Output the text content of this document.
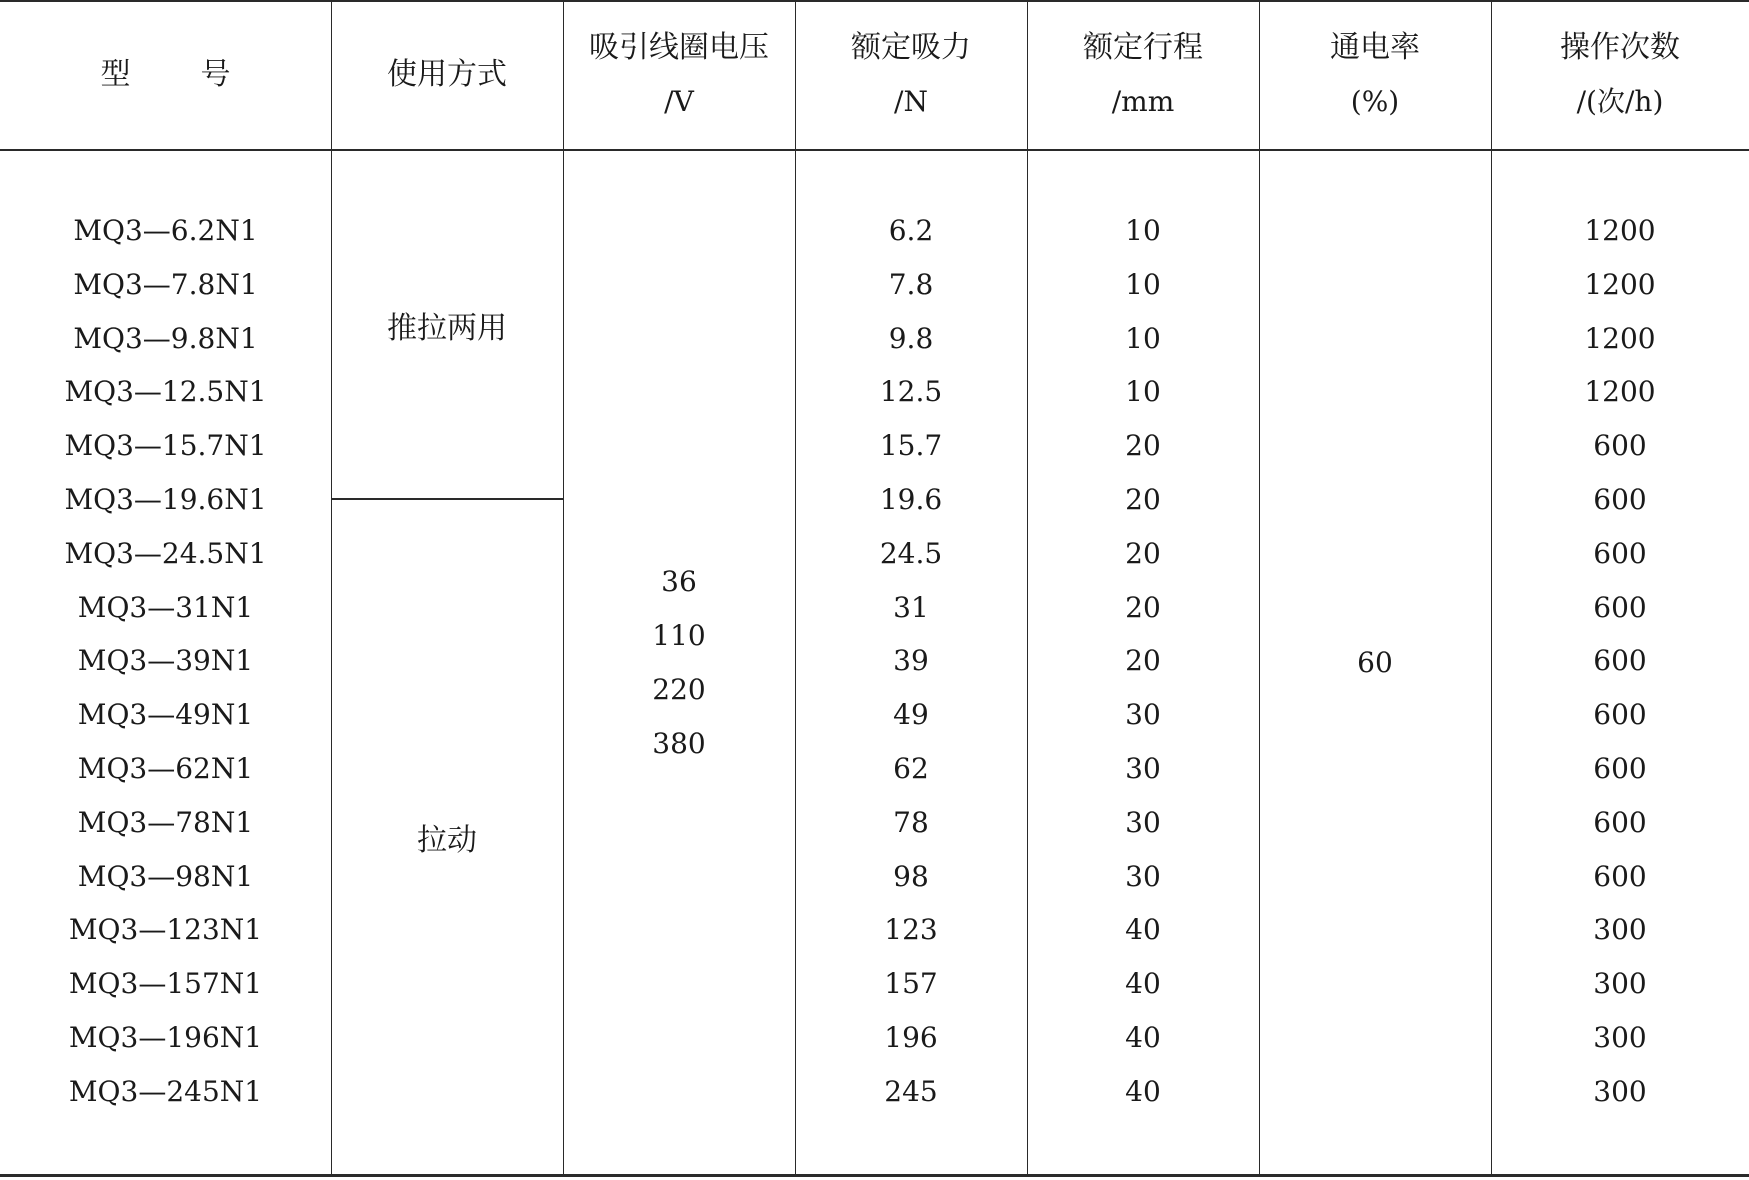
型 号	使用方式
吸引线圈电压
/V
额定吸力
/N
额定行程
/mm
通电率
(%)
操作次数
/(次/h)
推拉两用
拉动
36
110
220
380
60
MQ3—6.2N1
MQ3—7.8N1
MQ3—9.8N1
MQ3—12.5N1
MQ3—15.7N1
MQ3—19.6N1
MQ3—24.5N1
MQ3—31N1
MQ3—39N1
MQ3—49N1
MQ3—62N1
MQ3—78N1
MQ3—98N1
MQ3—123N1
MQ3—157N1
MQ3—196N1
MQ3—245N1
6.2
7.8
9.8
12.5
15.7
19.6
24.5
31
39
49
62
78
98
123
157
196
245
10
10
10
10
20
20
20
20
20
30
30
30
30
40
40
40
40
1200
1200
1200
1200
600
600
600
600
600
600
600
600
600
300
300
300
300
